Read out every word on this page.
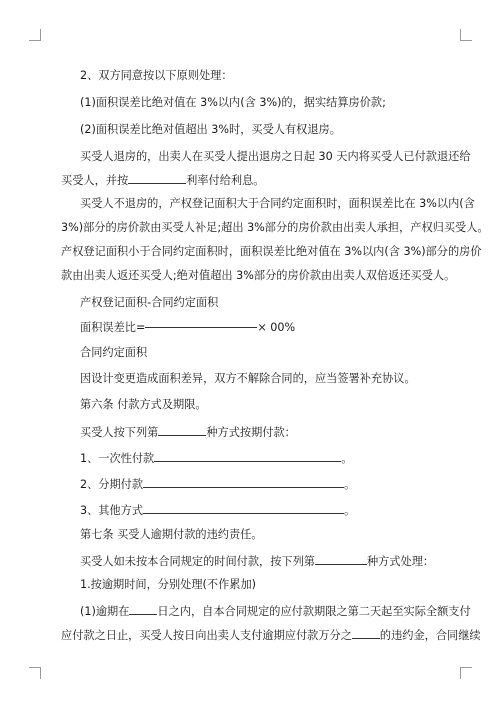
2、双方同意按以下原则处理：
(1)面积误差比绝对值在 3%以内(含 3%)的，据实结算房价款;
(2)面积误差比绝对值超出 3%时，买受人有权退房。
买受人退房的，出卖人在买受人提出退房之日起 30 天内将买受人已付款退还给
买受人，并按	利率付给利息。
买受人不退房的，产权登记面积大于合同约定面积时，面积误差比在 3%以内(含
3%)部分的房价款由买受人补足;超出 3%部分的房价款由出卖人承担，产权归买受人。
产权登记面积小于合同约定面积时，面积误差比绝对值在 3%以内(含 3%)部分的房价
款由出卖人返还买受人;绝对值超出 3%部分的房价款由出卖人双倍返还买受人。
产权登记面积-合同约定面积
面积误差比=	× 00%
合同约定面积
因设计变更造成面积差异，双方不解除合同的，应当签署补充协议。
第六条 付款方式及期限。
买受人按下列第	种方式按期付款：
1、一次性付款	。
2、分期付款	。
3、其他方式	。
第七条 买受人逾期付款的违约责任。
买受人如未按本合同规定的时间付款，按下列第	种方式处理：
1.按逾期时间，分别处理(不作累加)
(1)逾期在	日之内，自本合同规定的应付款期限之第二天起至实际全额支付
应付款之日止，买受人按日向出卖人支付逾期应付款万分之	的违约金，合同继续
